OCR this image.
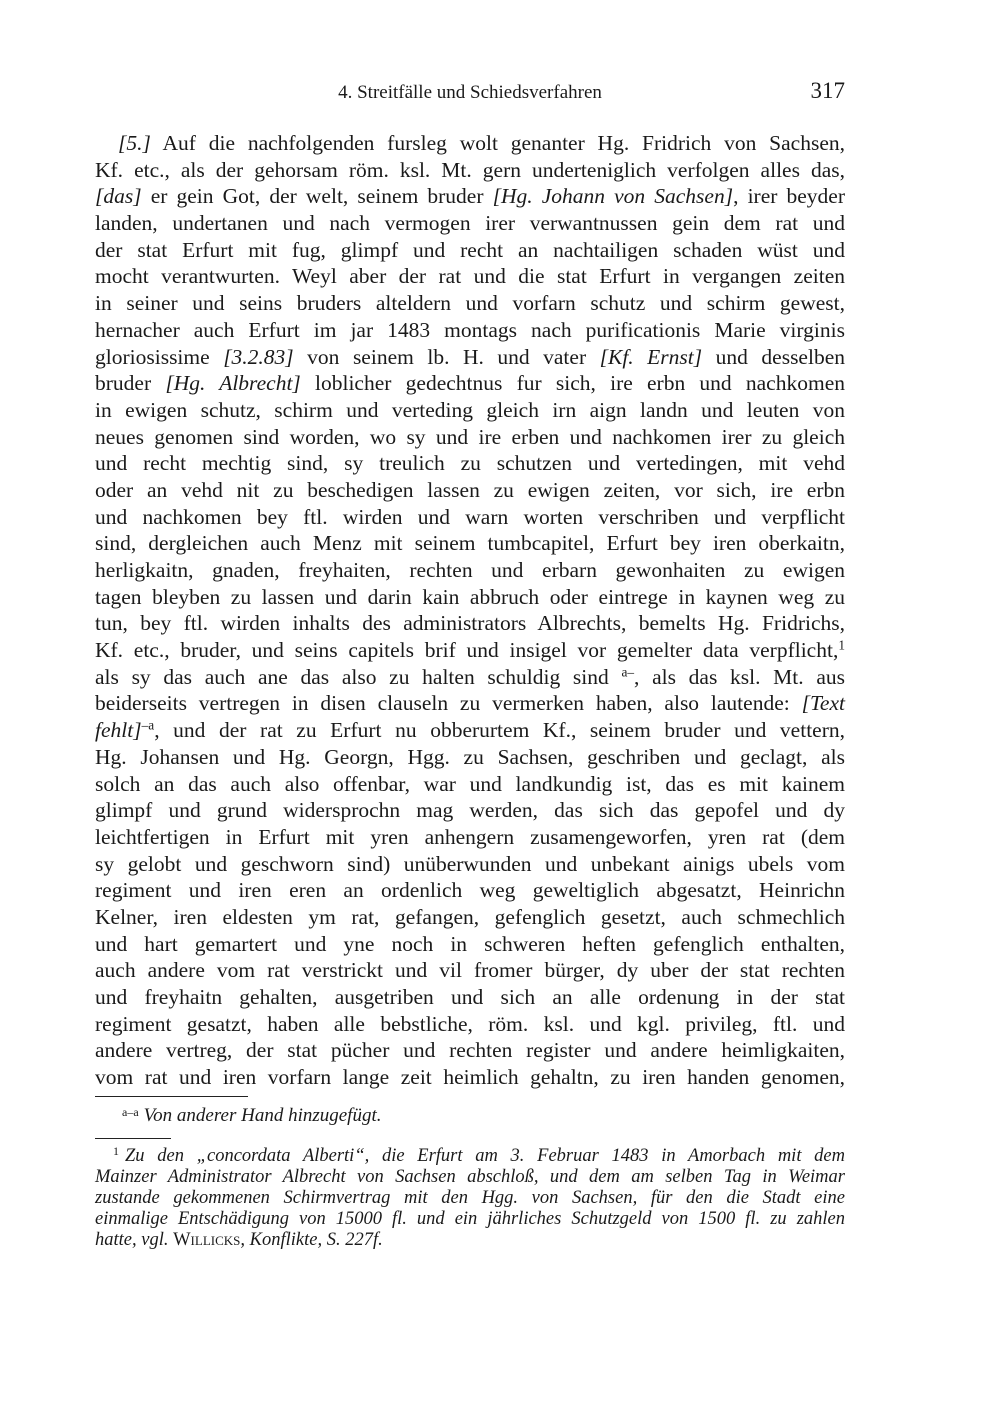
4. Streitfälle und Schiedsverfahren	317
[5.] Auf die nachfolgenden fursleg wolt genanter Hg. Fridrich von Sachsen,
Kf. etc., als der gehorsam röm. ksl. Mt. gern underteniglich verfolgen alles das,
[das] er gein Got, der welt, seinem bruder [Hg. Johann von Sachsen], irer beyder
landen, undertanen und nach vermogen irer verwantnussen gein dem rat und
der stat Erfurt mit fug, glimpf und recht an nachtailigen schaden wüst und
mocht verantwurten. Weyl aber der rat und die stat Erfurt in vergangen zeiten
in seiner und seins bruders alteldern und vorfarn schutz und schirm gewest,
hernacher auch Erfurt im jar 1483 montags nach purificationis Marie virginis
gloriosissime [3.2.83] von seinem lb. H. und vater [Kf. Ernst] und desselben
bruder [Hg. Albrecht] loblicher gedechtnus fur sich, ire erbn und nachkomen
in ewigen schutz, schirm und verteding gleich irn aign landn und leuten von
neues genomen sind worden, wo sy und ire erben und nachkomen irer zu gleich
und recht mechtig sind, sy treulich zu schutzen und vertedingen, mit vehd
oder an vehd nit zu beschedigen lassen zu ewigen zeiten, vor sich, ire erbn
und nachkomen bey ftl. wirden und warn worten verschriben und verpflicht
sind, dergleichen auch Menz mit seinem tumbcapitel, Erfurt bey iren oberkaitn,
herligkaitn, gnaden, freyhaiten, rechten und erbarn gewonhaiten zu ewigen
tagen bleyben zu lassen und darin kain abbruch oder eintrege in kaynen weg zu
tun, bey ftl. wirden inhalts des administrators Albrechts, bemelts Hg. Fridrichs,
Kf. etc., bruder, und seins capitels brif und insigel vor gemelter data verpflicht,$^1$
als sy das auch ane das also zu halten schuldig sind $^{a-}$, als das ksl. Mt. aus
beiderseits vertregen in disen clauseln zu vermerken haben, also lautende: [Text
fehlt]$^{-a}$, und der rat zu Erfurt nu obberurtem Kf., seinem bruder und vettern,
Hg. Johansen und Hg. Georgn, Hgg. zu Sachsen, geschriben und geclagt, als
solch an das auch also offenbar, war und landkundig ist, das es mit kainem
glimpf und grund widersprochn mag werden, das sich das gepofel und dy
leichtfertigen in Erfurt mit yren anhengern zusamengeworfen, yren rat (dem
sy gelobt und geschworn sind) unüberwunden und unbekant ainigs ubels vom
regiment und iren eren an ordenlich weg geweltiglich abgesatzt, Heinrichn
Kelner, iren eldesten ym rat, gefangen, gefenglich gesetzt, auch schmechlich
und hart gemartert und yne noch in schweren heften gefenglich enthalten,
auch andere vom rat verstrickt und vil fromer bürger, dy uber der stat rechten
und freyhaitn gehalten, ausgetriben und sich an alle ordenung in der stat
regiment gesatzt, haben alle bebstliche, röm. ksl. und kgl. privileg, ftl. und
andere vertreg, der stat pücher und rechten register und andere heimligkaiten,
vom rat und iren vorfarn lange zeit heimlich gehaltn, zu iren handen genomen,
$^{a-a}$ Von anderer Hand hinzugefügt.
$^1$ Zu den „concordata Alberti“, die Erfurt am 3. Februar 1483 in Amorbach mit dem
Mainzer Administrator Albrecht von Sachsen abschloß, und dem am selben Tag in Weimar
zustande gekommenen Schirmvertrag mit den Hgg. von Sachsen, für den die Stadt eine
einmalige Entschädigung von 15000 fl. und ein jährliches Schutzgeld von 1500 fl. zu zahlen
hatte, vgl. Willicks, Konflikte, S. 227f.
